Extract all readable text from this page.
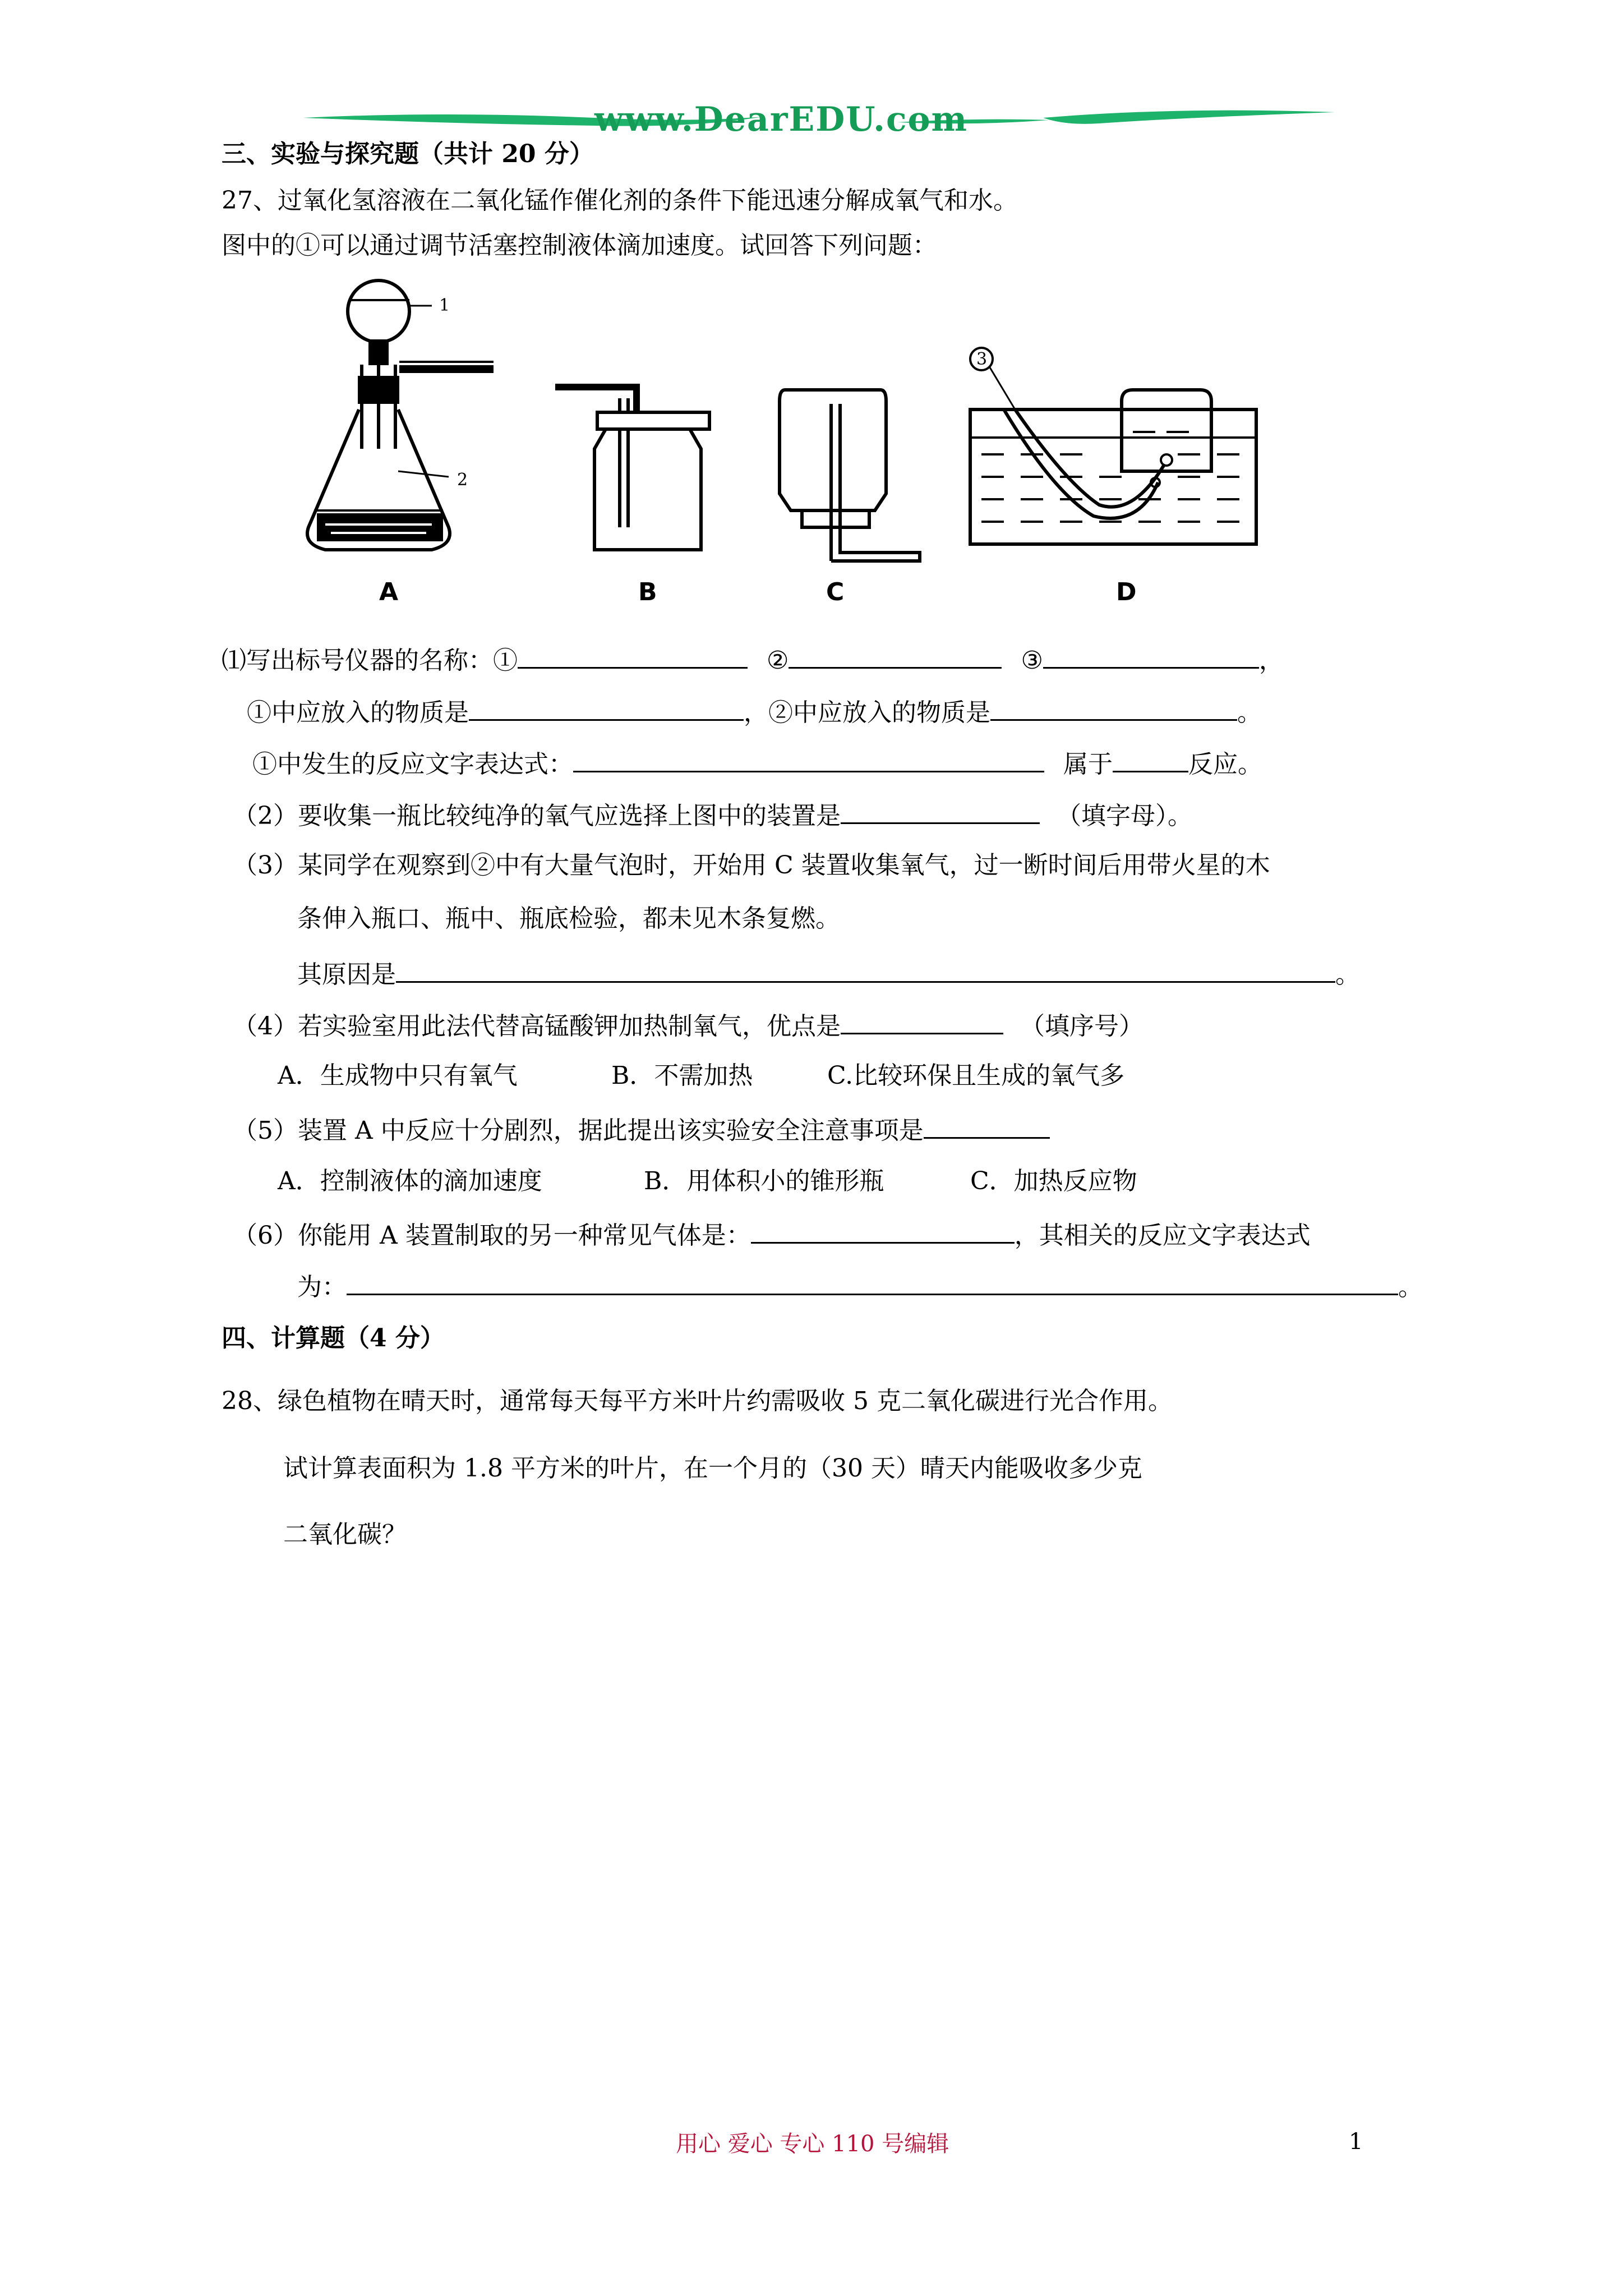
www.DearEDU.com
三、实验与探究题（共计 20 分）
27、过氧化氢溶液在二氧化锰作催化剂的条件下能迅速分解成氧气和水。
图中的①可以通过调节活塞控制液体滴加速度。试回答下列问题：
1
2
3
A	B	C	D
⑴写出标号仪器的名称：①	②	③	，
①中应放入的物质是	，②中应放入的物质是	。
①中发生的反应文字表达式：	属于	反应。
（2）要收集一瓶比较纯净的氧气应选择上图中的装置是	（填字母）。
（3）某同学在观察到②中有大量气泡时，开始用 C 装置收集氧气，过一断时间后用带火星的木
条伸入瓶口、瓶中、瓶底检验，都未见木条复燃。
其原因是	。
（4）若实验室用此法代替高锰酸钾加热制氧气，优点是	（填序号）
A．生成物中只有氧气	B．不需加热	C.比较环保且生成的氧气多
（5）装置 A 中反应十分剧烈，据此提出该实验安全注意事项是
A．控制液体的滴加速度	B．用体积小的锥形瓶	C．加热反应物
（6）你能用 A 装置制取的另一种常见气体是：	，其相关的反应文字表达式
为：	。
四、计算题（4 分）
28、绿色植物在晴天时，通常每天每平方米叶片约需吸收 5 克二氧化碳进行光合作用。
试计算表面积为 1.8 平方米的叶片，在一个月的（30 天）晴天内能吸收多少克
二氧化碳？
用心 爱心 专心 110 号编辑	1
